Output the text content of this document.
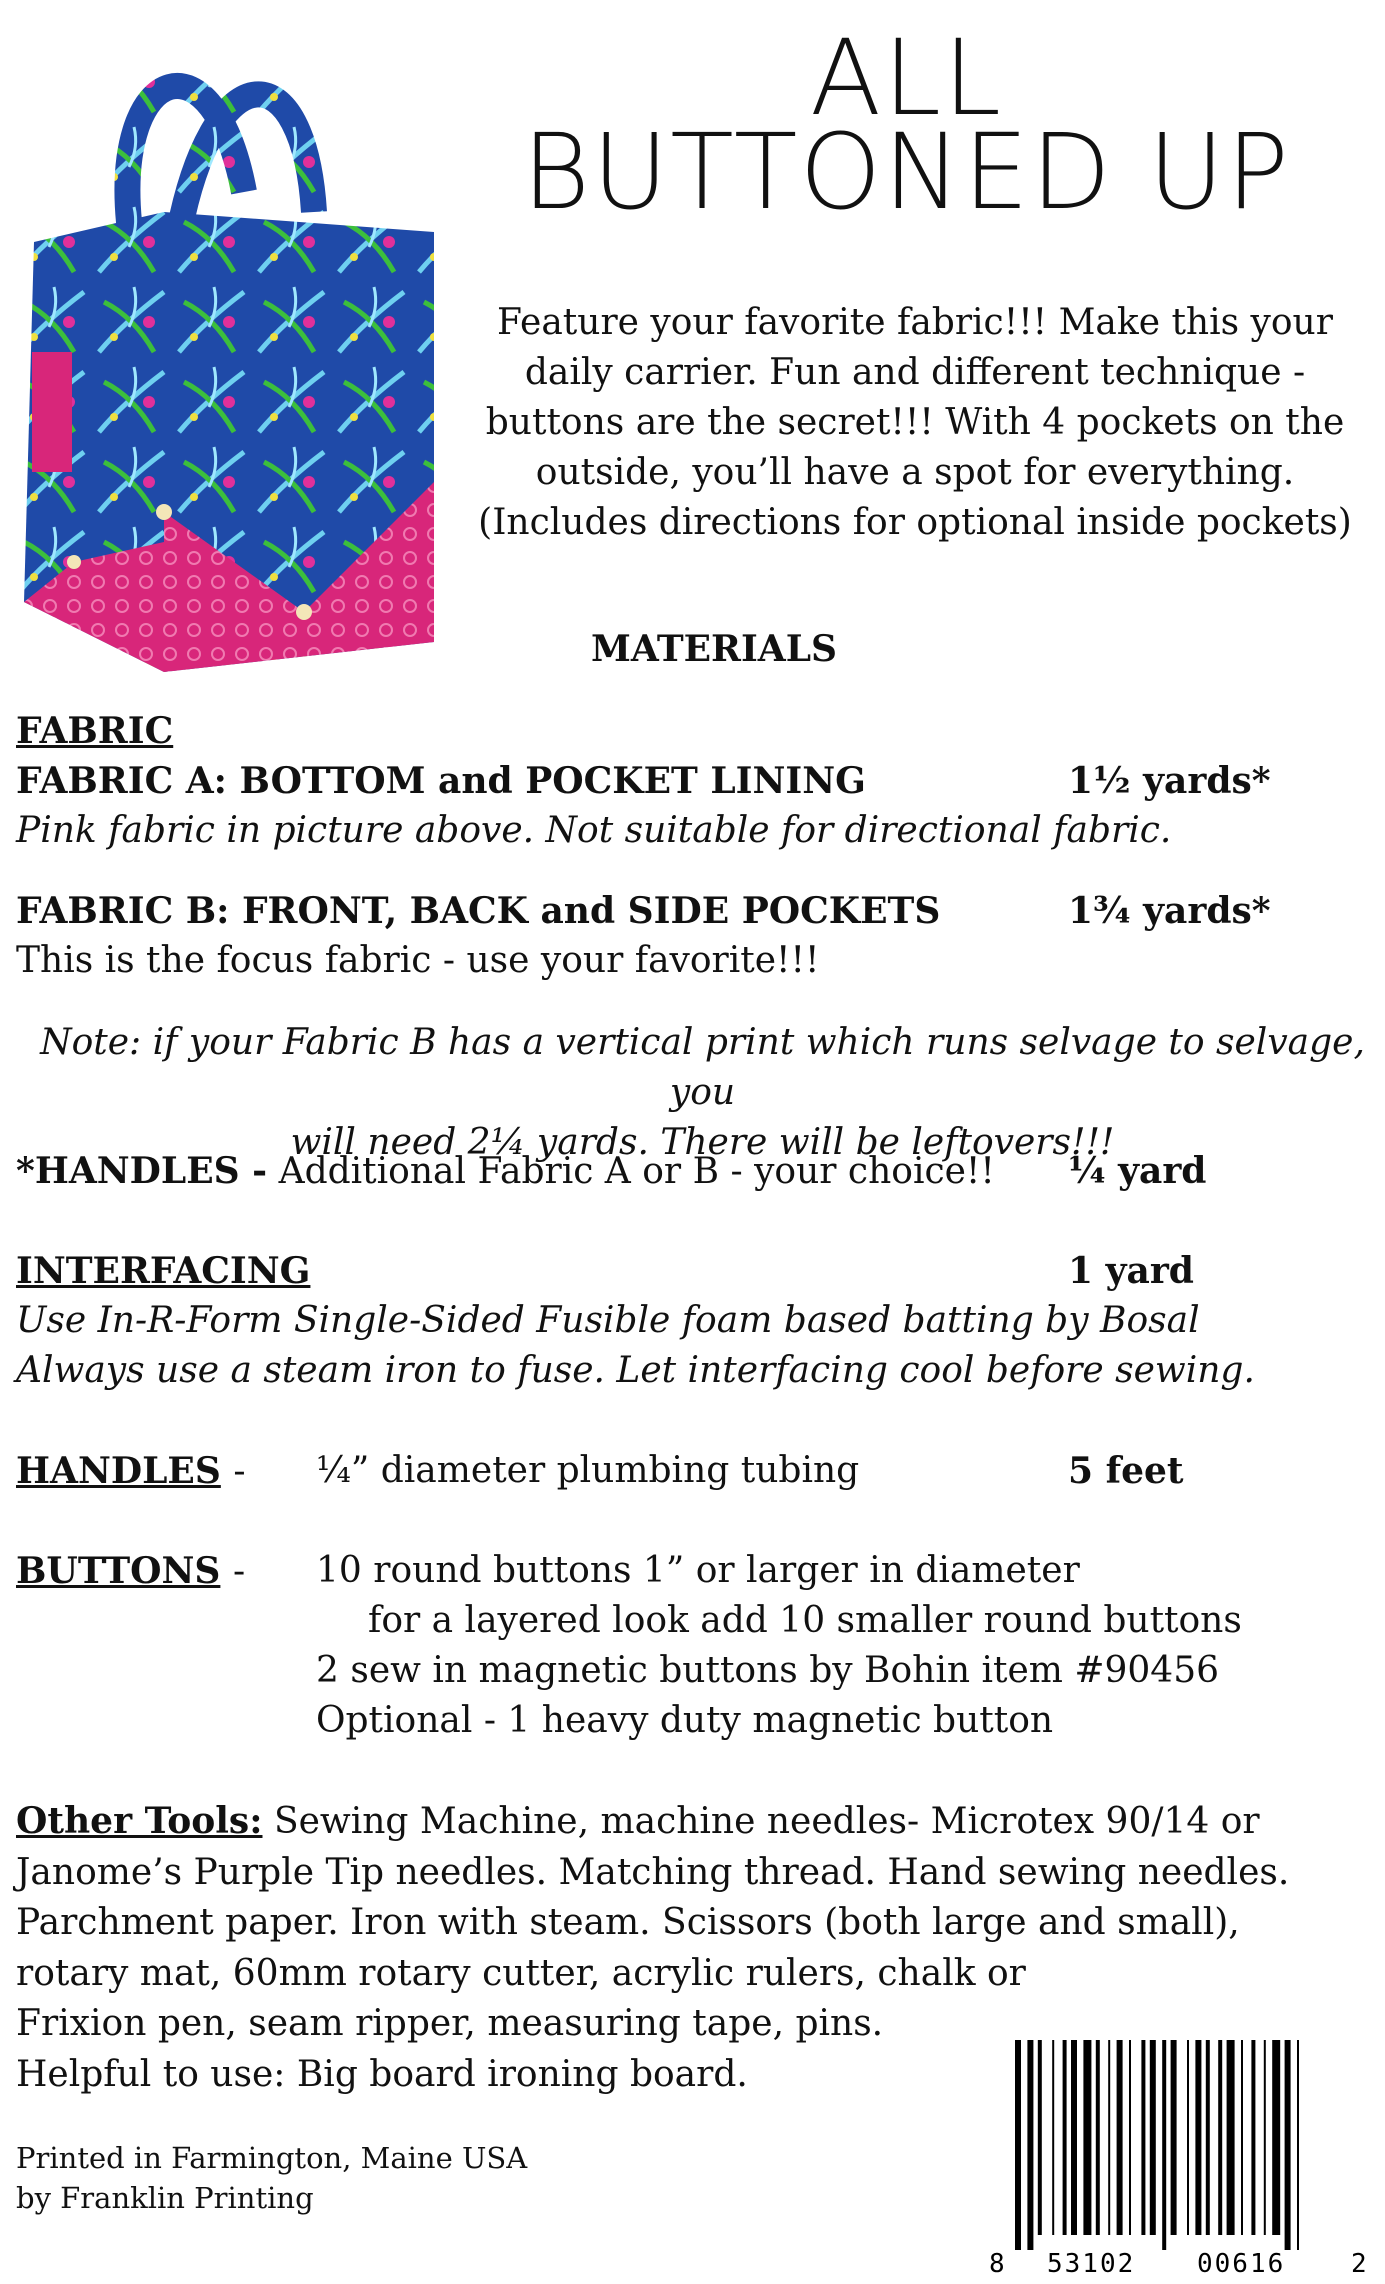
ALL
BUTTONED UP
Feature your favorite fabric!!! Make this your
daily carrier. Fun and different technique -
buttons are the secret!!! With 4 pockets on the
outside, you’ll have a spot for everything.
(Includes directions for optional inside pockets)
MATERIALS
FABRIC
FABRIC A: BOTTOM and POCKET LINING	1½ yards*
Pink fabric in picture above. Not suitable for directional fabric.
FABRIC B: FRONT, BACK and SIDE POCKETS	1¾ yards*
This is the focus fabric - use your favorite!!!
Note: if your Fabric B has a vertical print which runs selvage to selvage, you
will need 2¼ yards. There will be leftovers!!!
*HANDLES - Additional Fabric A or B - your choice!! ¼ yard
INTERFACING	1 yard
Use In-R-Form Single-Sided Fusible foam based batting by Bosal
Always use a steam iron to fuse. Let interfacing cool before sewing.
HANDLES - ¼” diameter plumbing tubing	5 feet
BUTTONS - 10 round buttons 1” or larger in diameter
for a layered look add 10 smaller round buttons
2 sew in magnetic buttons by Bohin item #90456
Optional - 1 heavy duty magnetic button
Other Tools: Sewing Machine, machine needles- Microtex 90/14 or
Janome’s Purple Tip needles. Matching thread. Hand sewing needles.
Parchment paper. Iron with steam. Scissors (both large and small),
rotary mat, 60mm rotary cutter, acrylic rulers, chalk or
Frixion pen, seam ripper, measuring tape, pins.
Helpful to use: Big board ironing board.
Printed in Farmington, Maine USA
by Franklin Printing
8 53102 00616	2
